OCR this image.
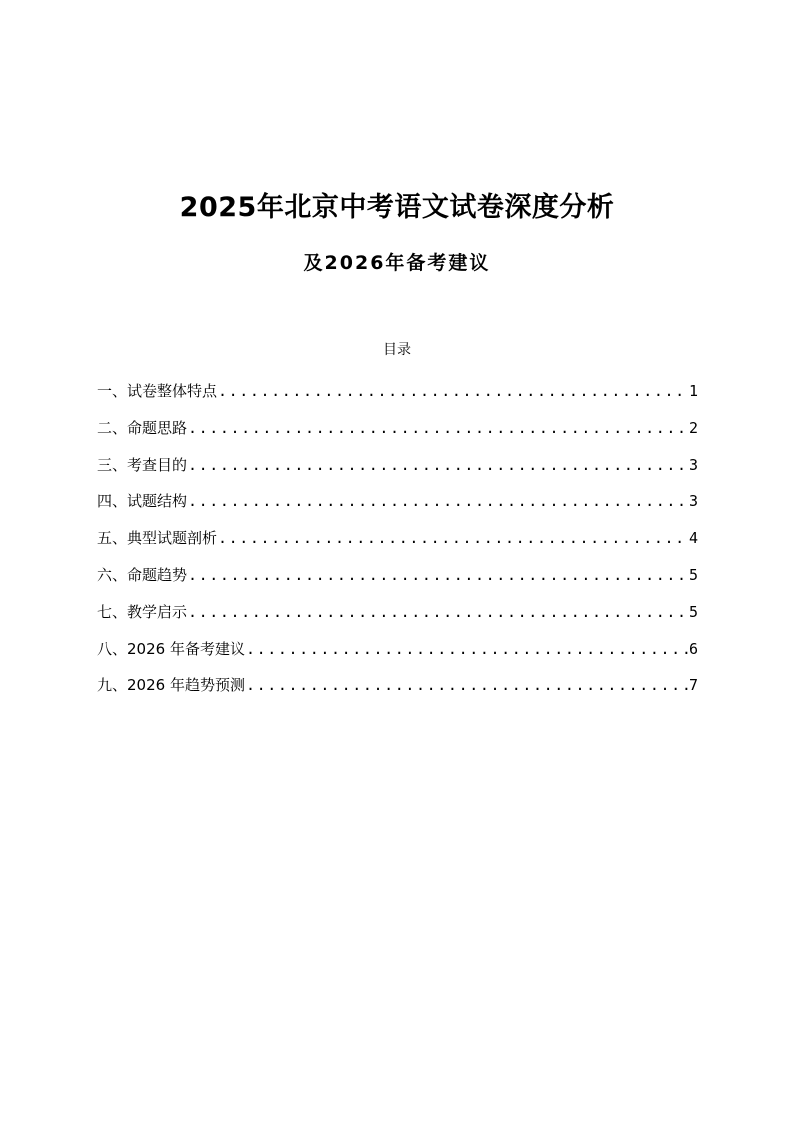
2025年北京中考语文试卷深度分析
及2026年备考建议
目录
一、试卷整体特点 .....	1
二、命题思路 .....	2
三、考查目的 .....	3
四、试题结构 .....	3
五、典型试题剖析 .....	4
六、命题趋势 .....	5
七、教学启示 .....	5
八、2026 年备考建议 .....	6
九、2026 年趋势预测 .....	7
